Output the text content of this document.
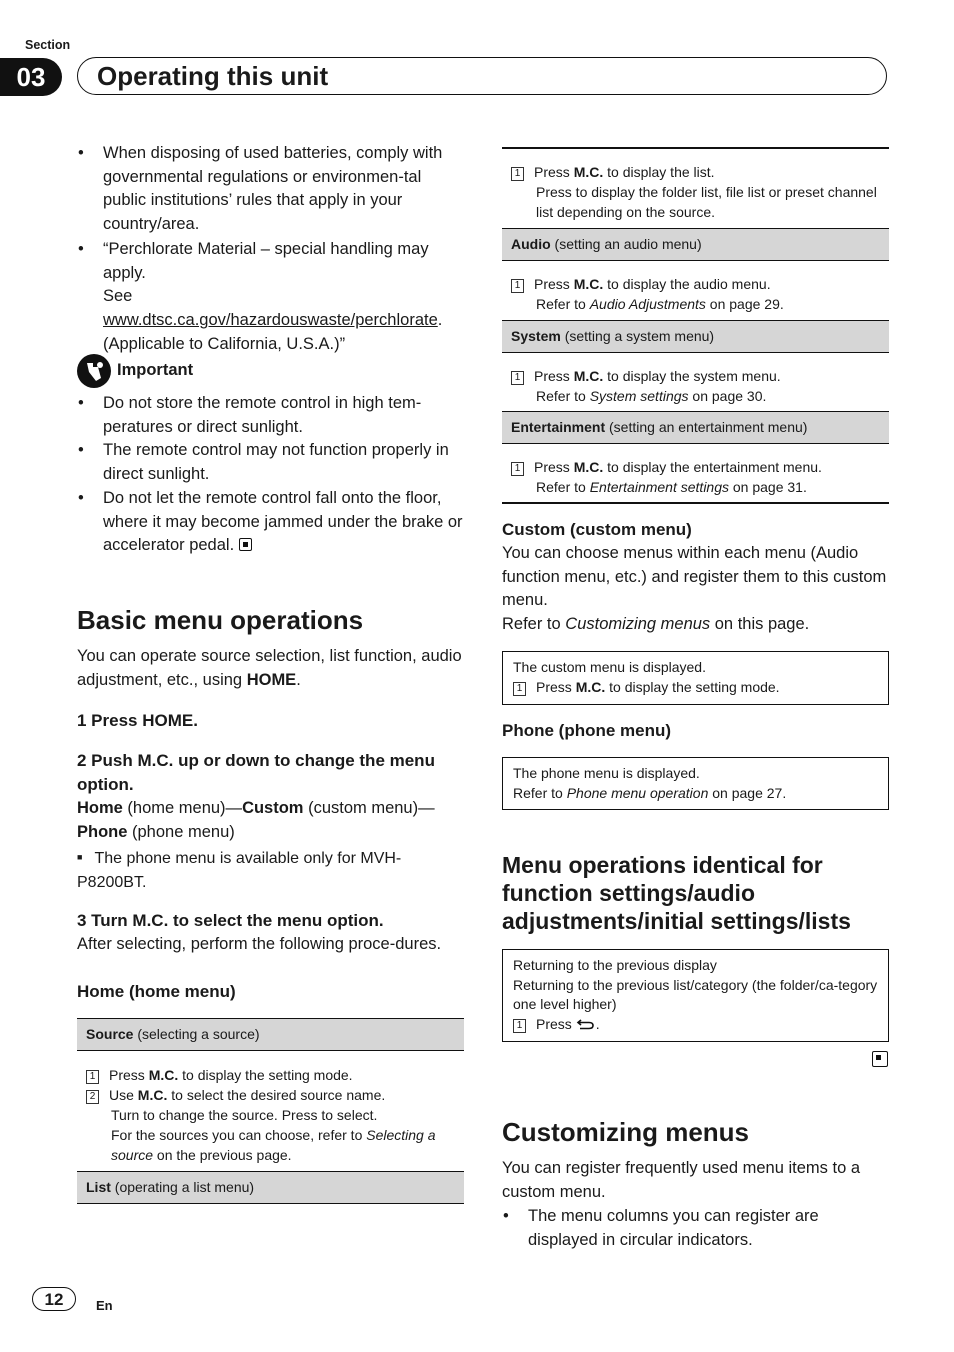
Section
03	Operating this unit
• When disposing of used batteries, comply with governmental regulations or environmen-tal public institutions’ rules that apply in your country/area.
• “Perchlorate Material – special handling may apply.
See www.dtsc.ca.gov/hazardouswaste/perchlorate. (Applicable to California, U.S.A.)”
Important
• Do not store the remote control in high tem-peratures or direct sunlight.
• The remote control may not function properly in direct sunlight.
• Do not let the remote control fall onto the floor, where it may become jammed under the brake or accelerator pedal.
Basic menu operations
You can operate source selection, list function, audio adjustment, etc., using HOME.
1 Press HOME.
2 Push M.C. up or down to change the menu option.
Home (home menu)—Custom (custom menu)—Phone (phone menu)
■ The phone menu is available only for MVH-P8200BT.
3 Turn M.C. to select the menu option.
After selecting, perform the following proce-dures.
Home (home menu)
Source (selecting a source)
1 Press M.C. to display the setting mode.
2 Use M.C. to select the desired source name.
Turn to change the source. Press to select.
For the sources you can choose, refer to Selecting a source on the previous page.
List (operating a list menu)
1 Press M.C. to display the list.
Press to display the folder list, file list or preset channel list depending on the source.
Audio (setting an audio menu)
1 Press M.C. to display the audio menu.
Refer to Audio Adjustments on page 29.
System (setting a system menu)
1 Press M.C. to display the system menu.
Refer to System settings on page 30.
Entertainment (setting an entertainment menu)
1 Press M.C. to display the entertainment menu.
Refer to Entertainment settings on page 31.
Custom (custom menu)
You can choose menus within each menu (Audio function menu, etc.) and register them to this custom menu.
Refer to Customizing menus on this page.
The custom menu is displayed.
1 Press M.C. to display the setting mode.
Phone (phone menu)
The phone menu is displayed.
Refer to Phone menu operation on page 27.
Menu operations identical for function settings/audio adjustments/initial settings/lists
Returning to the previous display
Returning to the previous list/category (the folder/ca-tegory one level higher)
1 Press .
Customizing menus
You can register frequently used menu items to a custom menu.
• The menu columns you can register are displayed in circular indicators.
12	En
